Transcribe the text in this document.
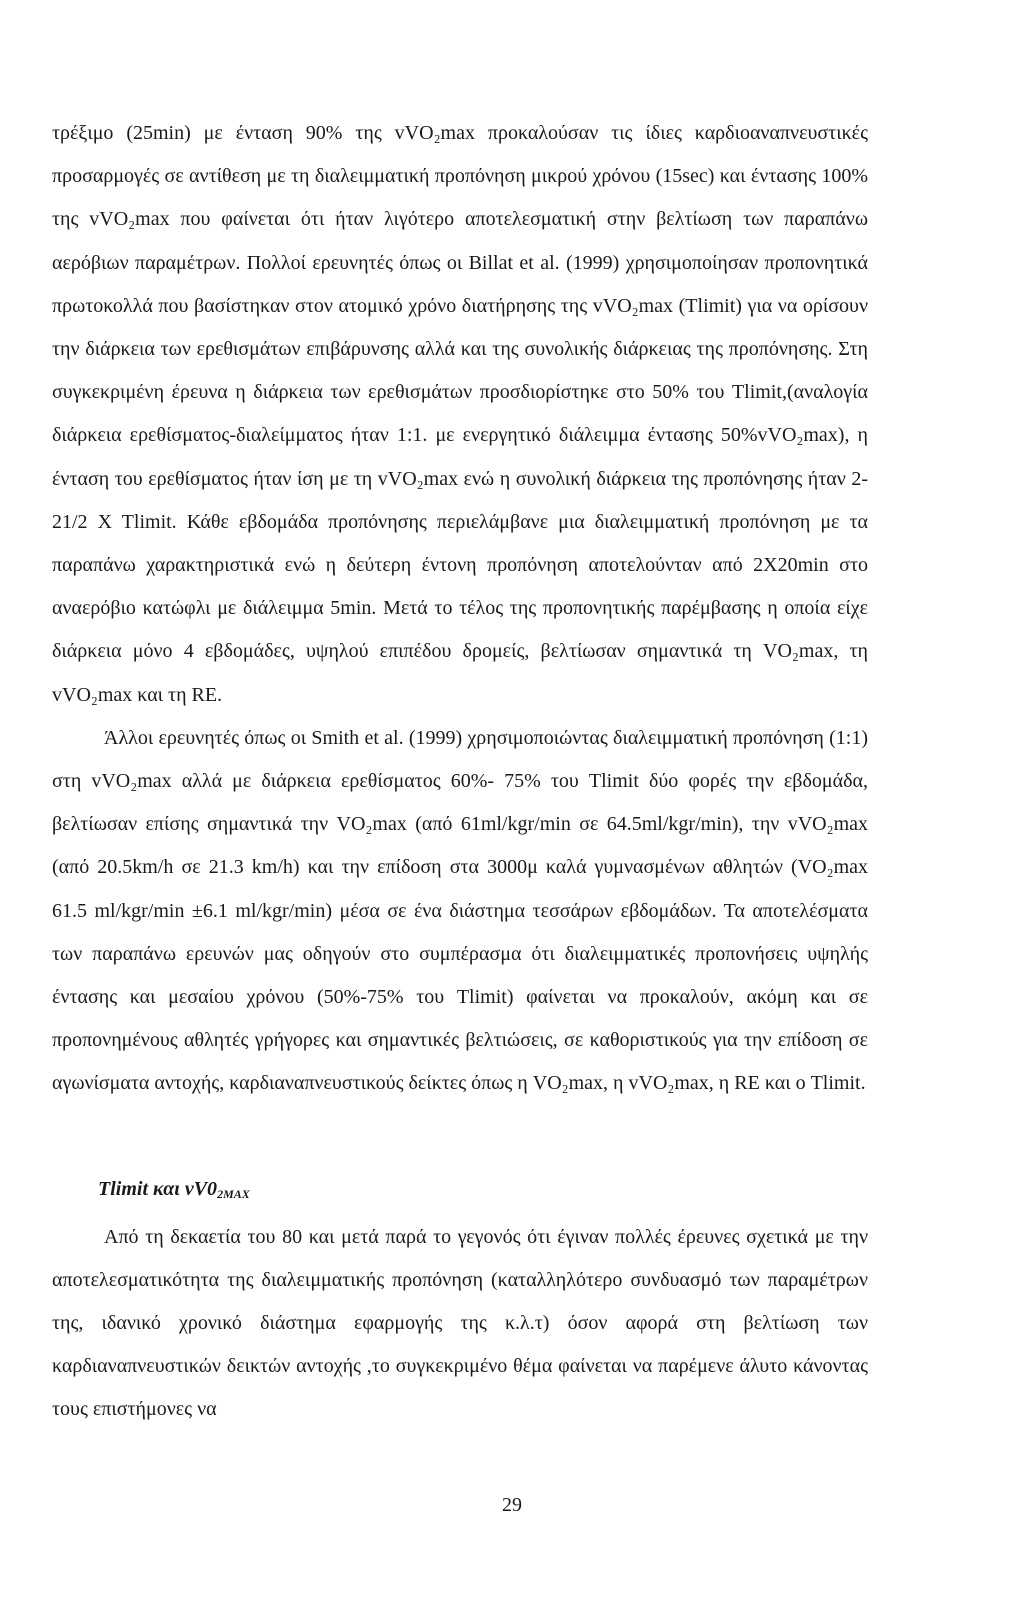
τρέξιμο (25min) με ένταση 90% της vVO₂max προκαλούσαν τις ίδιες καρδιοαναπνευστικές προσαρμογές σε αντίθεση με τη διαλειμματική προπόνηση μικρού χρόνου (15sec) και έντασης 100% της vVO₂max που φαίνεται ότι ήταν λιγότερο αποτελεσματική στην βελτίωση των παραπάνω αερόβιων παραμέτρων. Πολλοί ερευνητές όπως οι Billat et al. (1999) χρησιμοποίησαν προπονητικά πρωτοκολλά που βασίστηκαν στον ατομικό χρόνο διατήρησης της vVO₂max (Tlimit) για να ορίσουν την διάρκεια των ερεθισμάτων επιβάρυνσης αλλά και της συνολικής διάρκειας της προπόνησης. Στη συγκεκριμένη έρευνα η διάρκεια των ερεθισμάτων προσδιορίστηκε στο 50% του Tlimit,(αναλογία διάρκεια ερεθίσματος-διαλείμματος ήταν 1:1. με ενεργητικό διάλειμμα έντασης 50%vVO₂max), η ένταση του ερεθίσματος ήταν ίση με τη vVO₂max ενώ η συνολική διάρκεια της προπόνησης ήταν 2-21/2 X Tlimit. Κάθε εβδομάδα προπόνησης περιελάμβανε μια διαλειμματική προπόνηση με τα παραπάνω χαρακτηριστικά ενώ η δεύτερη έντονη προπόνηση αποτελούνταν από 2X20min στο αναερόβιο κατώφλι με διάλειμμα 5min. Μετά το τέλος της προπονητικής παρέμβασης η οποία είχε διάρκεια μόνο 4 εβδομάδες, υψηλού επιπέδου δρομείς, βελτίωσαν σημαντικά τη VO₂max, τη vVO₂max και τη RE.

Άλλοι ερευνητές όπως οι Smith et al. (1999) χρησιμοποιώντας διαλειμματική προπόνηση (1:1) στη vVO₂max αλλά με διάρκεια ερεθίσματος 60%- 75% του Tlimit δύο φορές την εβδομάδα, βελτίωσαν επίσης σημαντικά την VO₂max (από 61ml/kgr/min σε 64.5ml/kgr/min), την vVO₂max (από 20.5km/h σε 21.3 km/h) και την επίδοση στα 3000μ καλά γυμνασμένων αθλητών (VO₂max 61.5 ml/kgr/min ±6.1 ml/kgr/min) μέσα σε ένα διάστημα τεσσάρων εβδομάδων. Τα αποτελέσματα των παραπάνω ερευνών μας οδηγούν στο συμπέρασμα ότι διαλειμματικές προπονήσεις υψηλής έντασης και μεσαίου χρόνου (50%-75% του Tlimit) φαίνεται να προκαλούν, ακόμη και σε προπονημένους αθλητές γρήγορες και σημαντικές βελτιώσεις, σε καθοριστικούς για την επίδοση σε αγωνίσματα αντοχής, καρδιαναπνευστικούς δείκτες όπως η VO₂max, η vVO₂max, η RE και ο Tlimit.

Tlimit και $vV0_{2MAX}$

Από τη δεκαετία του 80 και μετά παρά το γεγονός ότι έγιναν πολλές έρευνες σχετικά με την αποτελεσματικότητα της διαλειμματικής προπόνηση (καταλληλότερο συνδυασμό των παραμέτρων της, ιδανικό χρονικό διάστημα εφαρμογής της κ.λ.τ) όσον αφορά στη βελτίωση των καρδιαναπνευστικών δεικτών αντοχής ,το συγκεκριμένο θέμα φαίνεται να παρέμενε άλυτο κάνοντας τους επιστήμονες να

29
